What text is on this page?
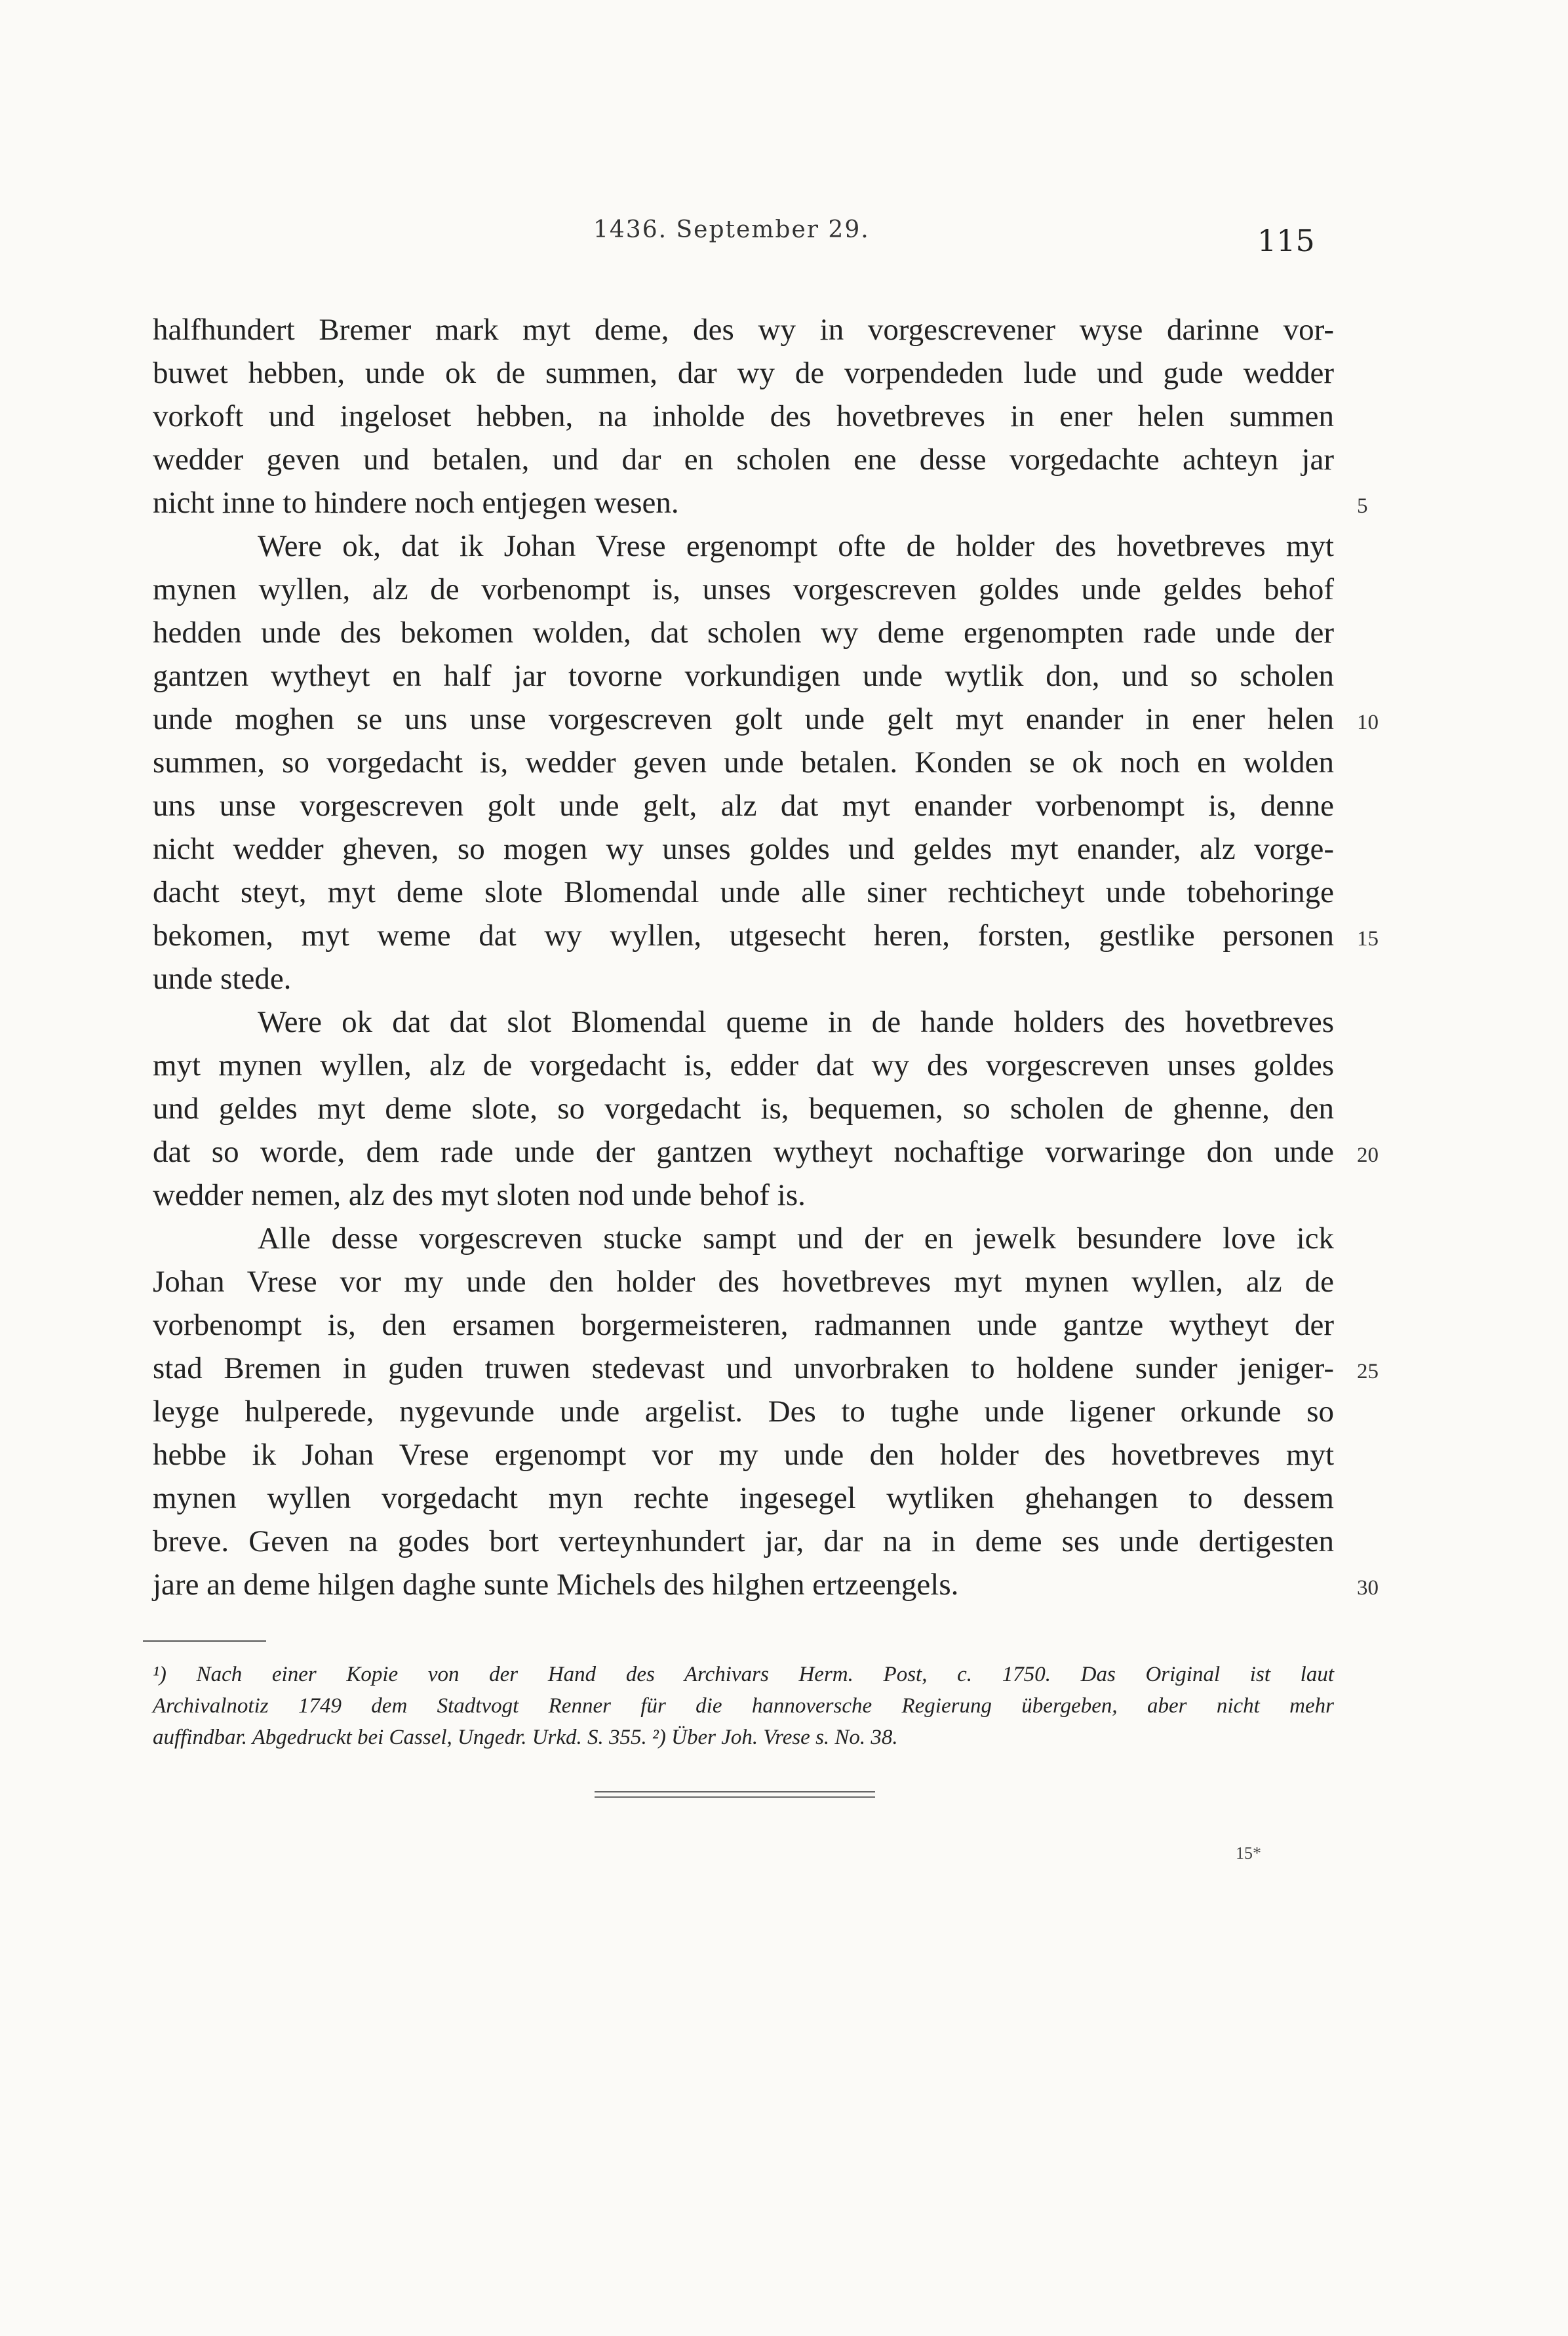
1436. September 29.	115
halfhundert Bremer mark myt deme, des wy in vorgescrevener wyse darinne vor-
buwet hebben, unde ok de summen, dar wy de vorpendeden lude und gude wedder
vorkoft und ingeloset hebben, na inholde des hovetbreves in ener helen summen
wedder geven und betalen, und dar en scholen ene desse vorgedachte achteyn jar
nicht inne to hindere noch entjegen wesen.
Were ok, dat ik Johan Vrese ergenompt ofte de holder des hovetbreves myt
mynen wyllen, alz de vorbenompt is, unses vorgescreven goldes unde geldes behof
hedden unde des bekomen wolden, dat scholen wy deme ergenompten rade unde der
gantzen wytheyt en half jar tovorne vorkundigen unde wytlik don, und so scholen
unde moghen se uns unse vorgescreven golt unde gelt myt enander in ener helen
summen, so vorgedacht is, wedder geven unde betalen. Konden se ok noch en wolden
uns unse vorgescreven golt unde gelt, alz dat myt enander vorbenompt is, denne
nicht wedder gheven, so mogen wy unses goldes und geldes myt enander, alz vorge-
dacht steyt, myt deme slote Blomendal unde alle siner rechticheyt unde tobehoringe
bekomen, myt weme dat wy wyllen, utgesecht heren, forsten, gestlike personen
unde stede.
Were ok dat dat slot Blomendal queme in de hande holders des hovetbreves
myt mynen wyllen, alz de vorgedacht is, edder dat wy des vorgescreven unses goldes
und geldes myt deme slote, so vorgedacht is, bequemen, so scholen de ghenne, den
dat so worde, dem rade unde der gantzen wytheyt nochaftige vorwaringe don unde
wedder nemen, alz des myt sloten nod unde behof is.
Alle desse vorgescreven stucke sampt und der en jewelk besundere love ick
Johan Vrese vor my unde den holder des hovetbreves myt mynen wyllen, alz de
vorbenompt is, den ersamen borgermeisteren, radmannen unde gantze wytheyt der
stad Bremen in guden truwen stedevast und unvorbraken to holdene sunder jeniger-
leyge hulperede, nygevunde unde argelist. Des to tughe unde ligener orkunde so
hebbe ik Johan Vrese ergenompt vor my unde den holder des hovetbreves myt
mynen wyllen vorgedacht myn rechte ingesegel wytliken ghehangen to dessem
breve. Geven na godes bort verteynhundert jar, dar na in deme ses unde dertigesten
jare an deme hilgen daghe sunte Michels des hilghen ertzeengels.
5
10
15
20
25
30
¹) Nach einer Kopie von der Hand des Archivars Herm. Post, c. 1750. Das Original ist laut
Archivalnotiz 1749 dem Stadtvogt Renner für die hannoversche Regierung übergeben, aber nicht mehr
auffindbar. Abgedruckt bei Cassel, Ungedr. Urkd. S. 355. ²) Über Joh. Vrese s. No. 38.
15*
